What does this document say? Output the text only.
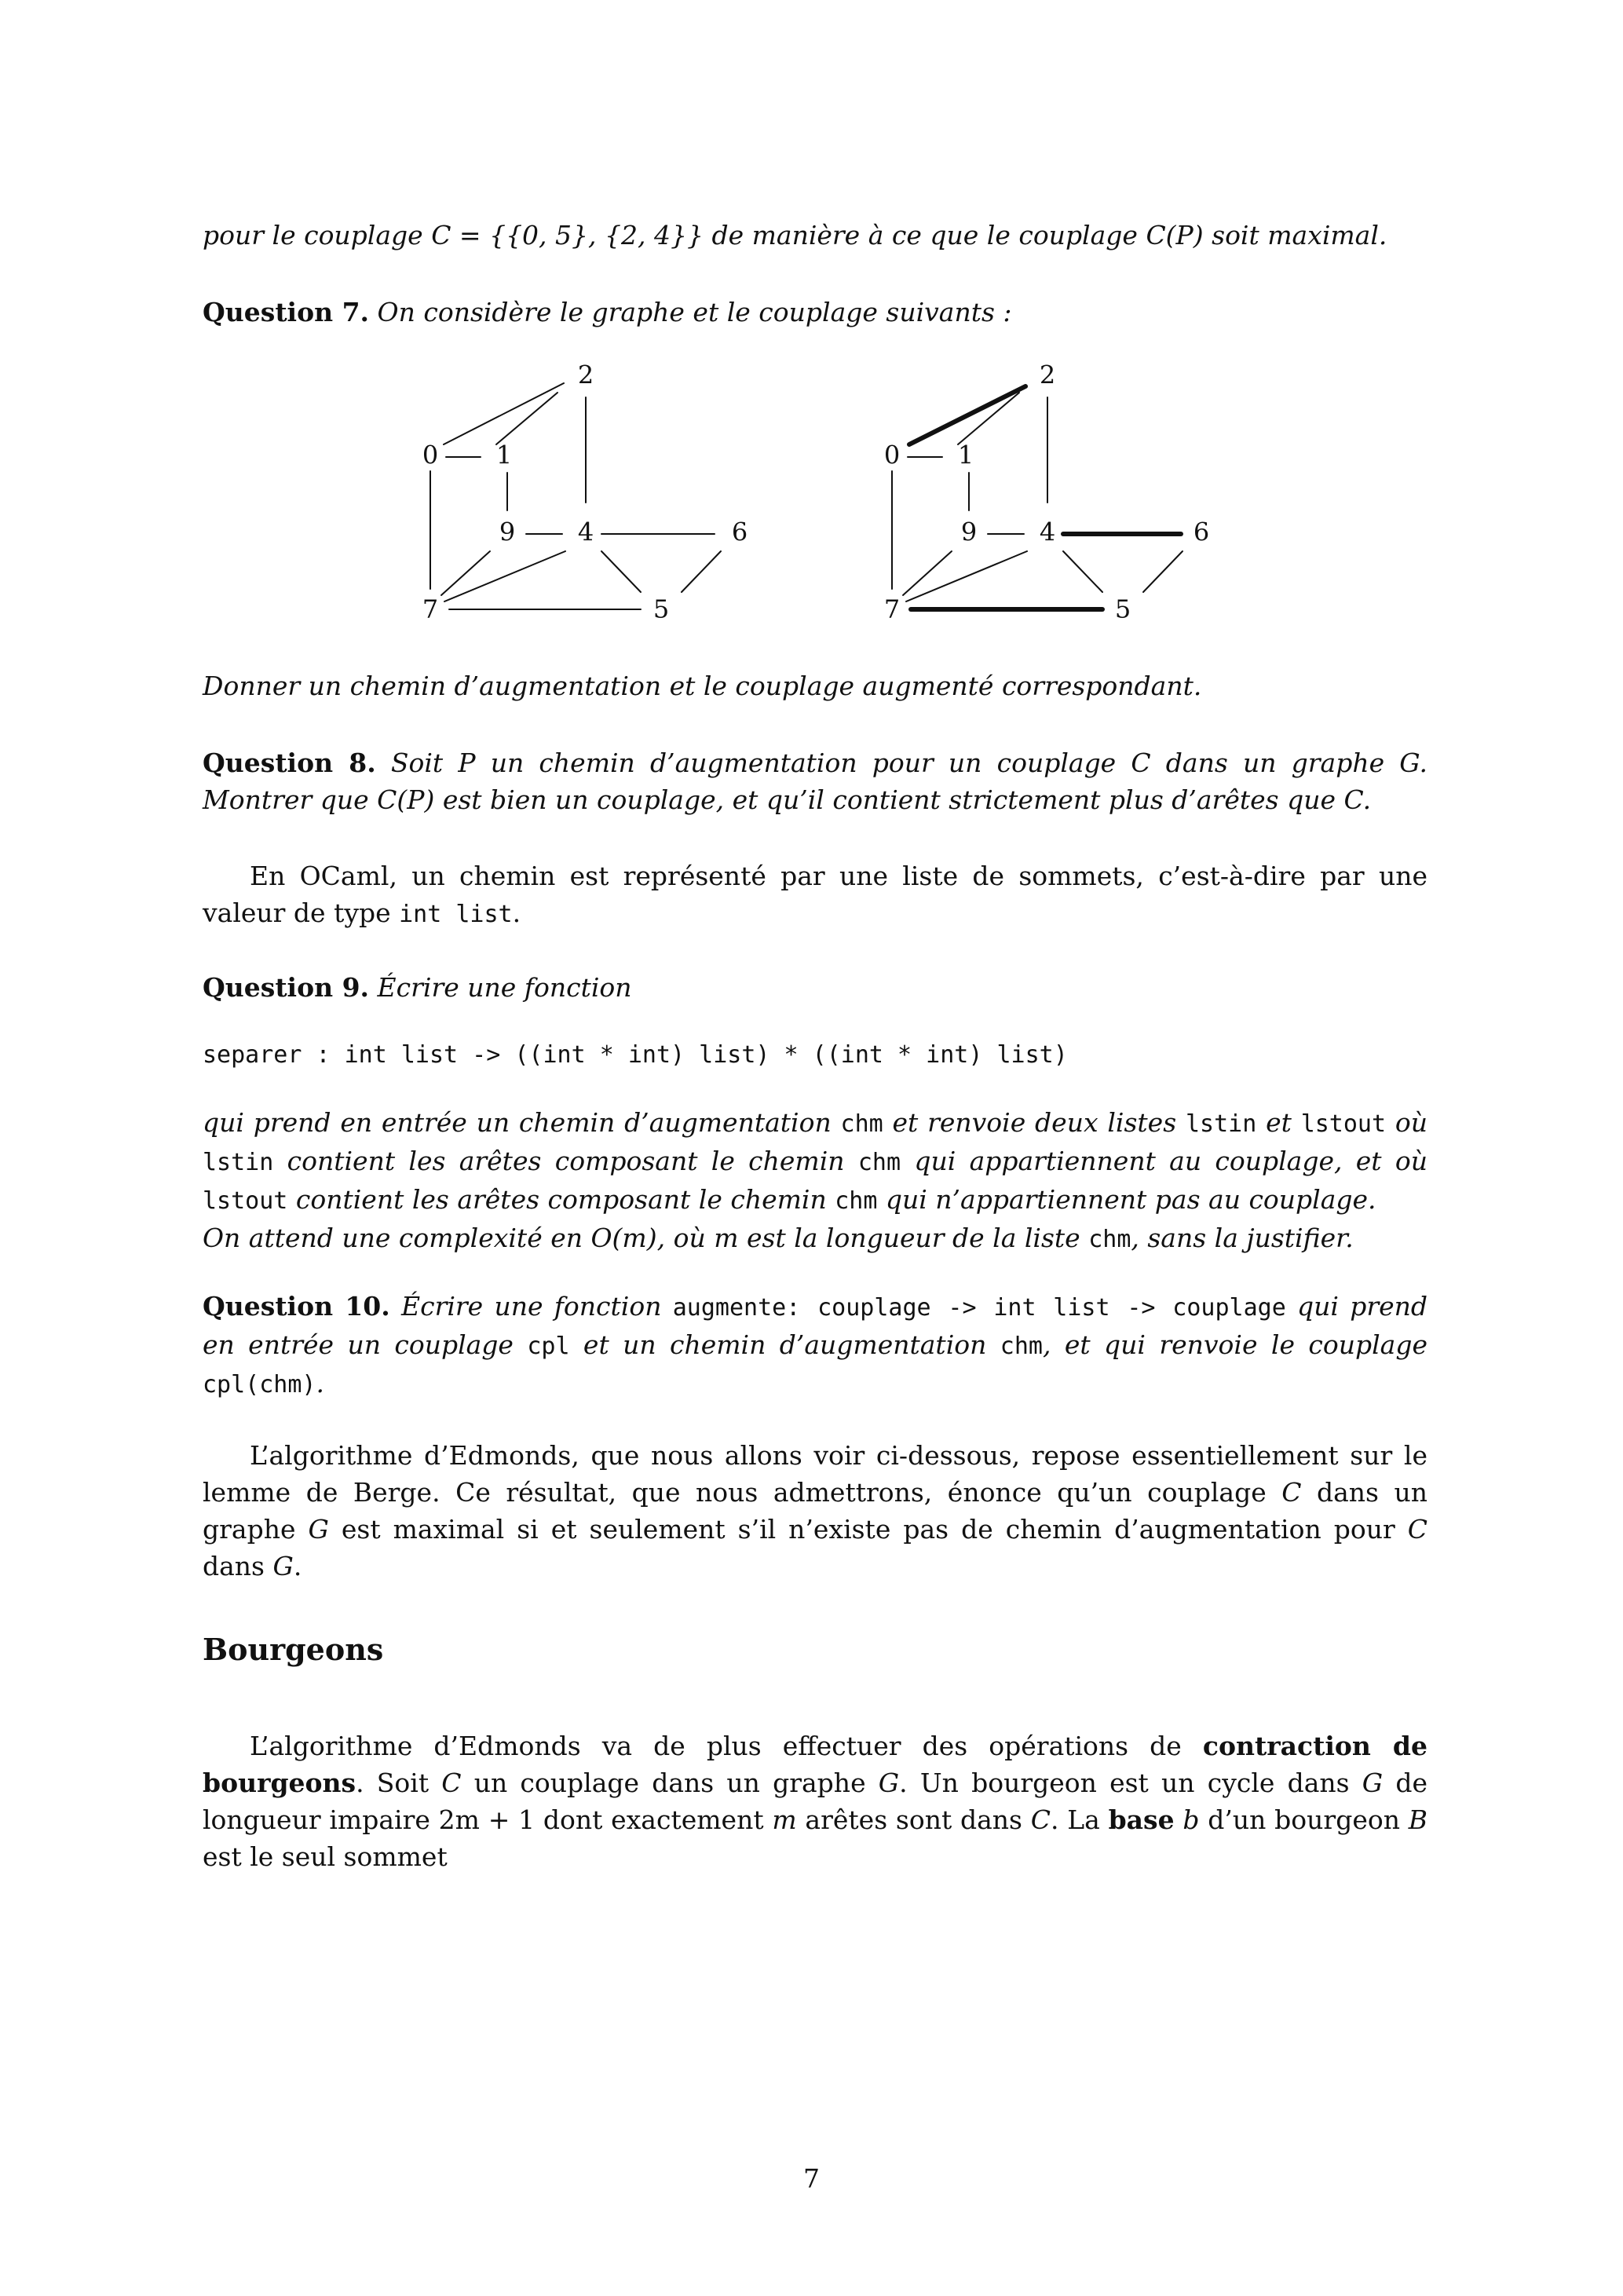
pour le couplage C = {{0, 5}, {2, 4}} de manière à ce que le couplage C(P) soit maximal.

Question 7. On considère le graphe et le couplage suivants :

0 1
2
9 4	6
7	5
0 1
2
9 4	6
7	5

Donner un chemin d’augmentation et le couplage augmenté correspondant.

Question 8. Soit P un chemin d’augmentation pour un couplage C dans un graphe G. Montrer que C(P) est bien un couplage, et qu’il contient strictement plus d’arêtes que C.

En OCaml, un chemin est représenté par une liste de sommets, c’est-à-dire par une valeur de type int list.

Question 9. Écrire une fonction

separer : int list -> ((int * int) list) * ((int * int) list)

qui prend en entrée un chemin d’augmentation chm et renvoie deux listes lstin et lstout où lstin contient les arêtes composant le chemin chm qui appartiennent au couplage, et où lstout contient les arêtes composant le chemin chm qui n’appartiennent pas au couplage.
On attend une complexité en O(m), où m est la longueur de la liste chm, sans la justifier.

Question 10. Écrire une fonction augmente: couplage -> int list -> couplage qui prend en entrée un couplage cpl et un chemin d’augmentation chm, et qui renvoie le couplage cpl(chm).

L’algorithme d’Edmonds, que nous allons voir ci-dessous, repose essentiellement sur le lemme de Berge. Ce résultat, que nous admettrons, énonce qu’un couplage C dans un graphe G est maximal si et seulement s’il n’existe pas de chemin d’augmentation pour C dans G.

Bourgeons

L’algorithme d’Edmonds va de plus effectuer des opérations de contraction de bourgeons. Soit C un couplage dans un graphe G. Un bourgeon est un cycle dans G de longueur impaire 2m + 1 dont exactement m arêtes sont dans C. La base b d’un bourgeon B est le seul sommet

7
